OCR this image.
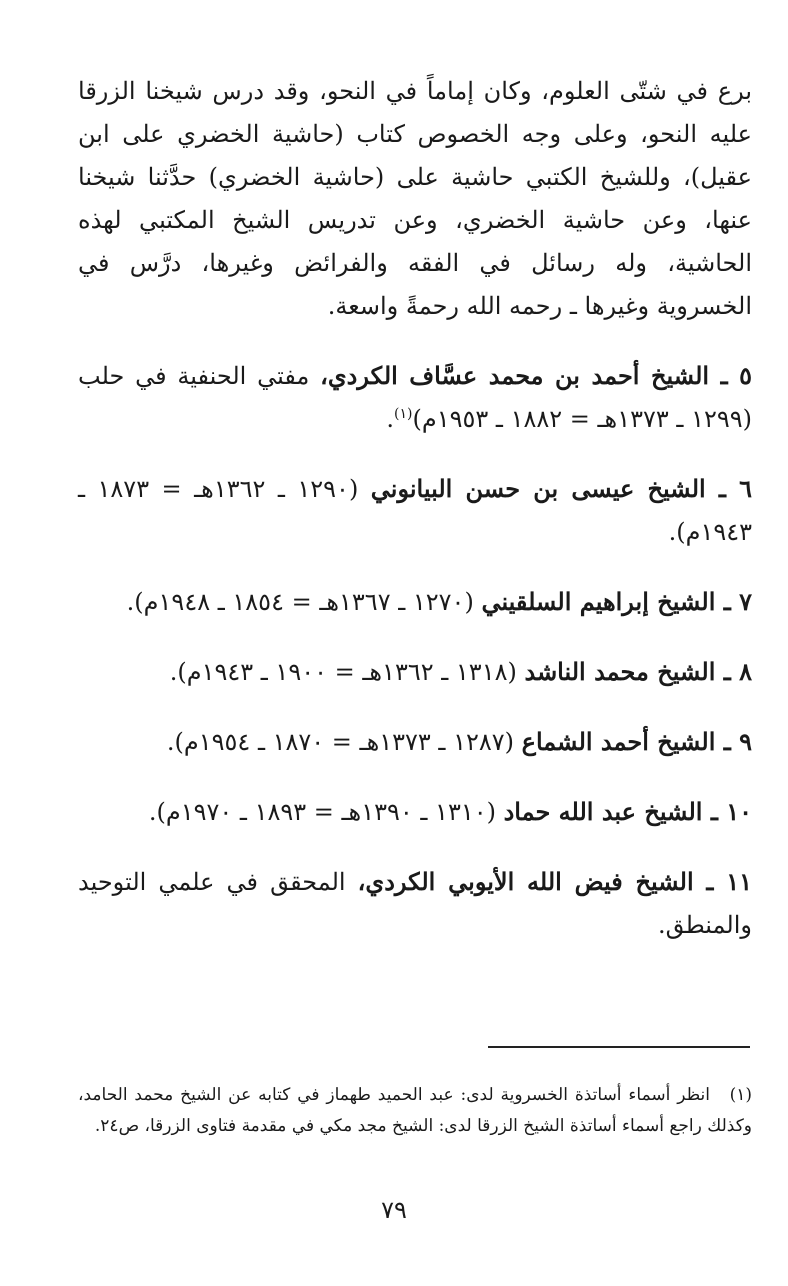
برع في شتّى العلوم، وكان إماماً في النحو، وقد درس شيخنا الزرقا عليه النحو، وعلى وجه الخصوص كتاب (حاشية الخضري على ابن عقيل)، وللشيخ الكتبي حاشية على (حاشية الخضري) حدَّثنا شيخنا عنها، وعن حاشية الخضري، وعن تدريس الشيخ المكتبي لهذه الحاشية، وله رسائل في الفقه والفرائض وغيرها، درَّس في الخسروية وغيرها ـ رحمه الله رحمةً واسعة.

٥ ـ الشيخ أحمد بن محمد عسَّاف الكردي، مفتي الحنفية في حلب (١٢٩٩ ـ ١٣٧٣هـ = ١٨٨٢ ـ ١٩٥٣م)$^{(١)}$.

٦ ـ الشيخ عيسى بن حسن البيانوني (١٢٩٠ ـ ١٣٦٢هـ = ١٨٧٣ ـ ١٩٤٣م).

٧ ـ الشيخ إبراهيم السلقيني (١٢٧٠ ـ ١٣٦٧هـ = ١٨٥٤ ـ ١٩٤٨م).

٨ ـ الشيخ محمد الناشد (١٣١٨ ـ ١٣٦٢هـ = ١٩٠٠ ـ ١٩٤٣م).

٩ ـ الشيخ أحمد الشماع (١٢٨٧ ـ ١٣٧٣هـ = ١٨٧٠ ـ ١٩٥٤م).

١٠ ـ الشيخ عبد الله حماد (١٣١٠ ـ ١٣٩٠هـ = ١٨٩٣ ـ ١٩٧٠م).

١١ ـ الشيخ فيض الله الأيوبي الكردي، المحقق في علمي التوحيد والمنطق.

(١)انظر أسماء أساتذة الخسروية لدى: عبد الحميد طهماز في كتابه عن الشيخ محمد الحامد، وكذلك راجع أسماء أساتذة الشيخ الزرقا لدى: الشيخ مجد مكي في مقدمة فتاوى الزرقا، ص٢٤.
٧٩
